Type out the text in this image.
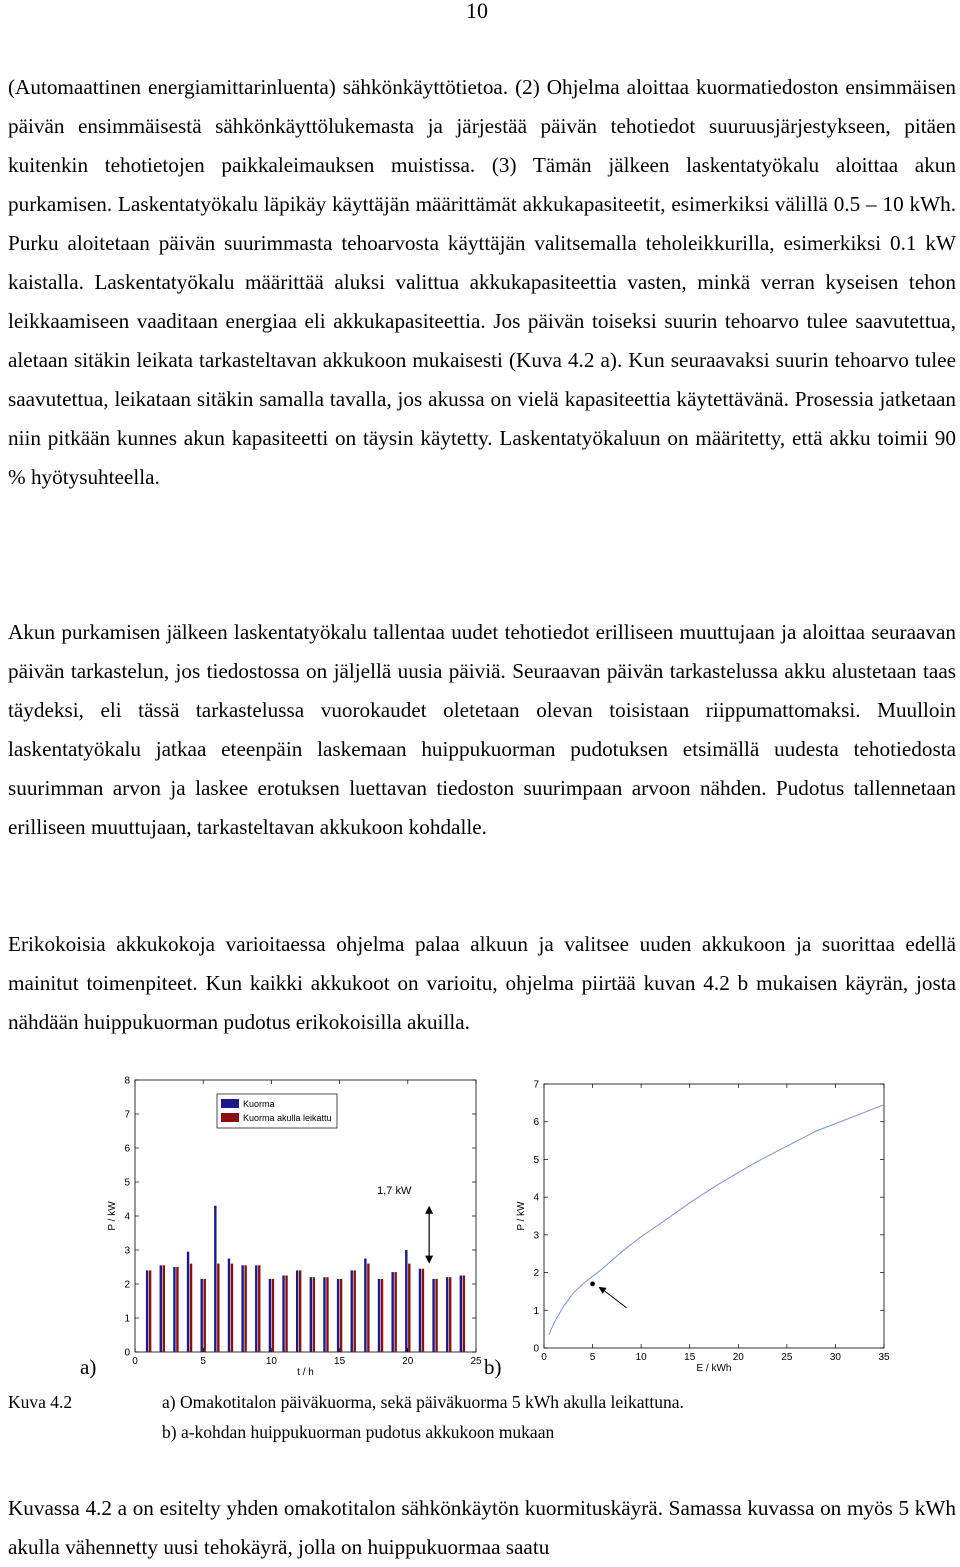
10

(Automaattinen energiamittarinluenta) sähkönkäyttötietoa. (2) Ohjelma aloittaa kuormatiedoston ensimmäisen päivän ensimmäisestä sähkönkäyttölukemasta ja järjestää päivän tehotiedot suuruusjärjestykseen, pitäen kuitenkin tehotietojen paikkaleimauksen muistissa. (3) Tämän jälkeen laskentatyökalu aloittaa akun purkamisen. Laskentatyökalu läpikäy käyttäjän määrittämät akkukapasiteetit, esimerkiksi välillä 0.5 – 10 kWh. Purku aloitetaan päivän suurimmasta tehoarvosta käyttäjän valitsemalla teholeikkurilla, esimerkiksi 0.1 kW kaistalla. Laskentatyökalu määrittää aluksi valittua akkukapasiteettia vasten, minkä verran kyseisen tehon leikkaamiseen vaaditaan energiaa eli akkukapasiteettia. Jos päivän toiseksi suurin tehoarvo tulee saavutettua, aletaan sitäkin leikata tarkasteltavan akkukoon mukaisesti (Kuva 4.2 a). Kun seuraavaksi suurin tehoarvo tulee saavutettua, leikataan sitäkin samalla tavalla, jos akussa on vielä kapasiteettia käytettävänä. Prosessia jatketaan niin pitkään kunnes akun kapasiteetti on täysin käytetty. Laskentatyökaluun on määritetty, että akku toimii 90 % hyötysuhteella.

Akun purkamisen jälkeen laskentatyökalu tallentaa uudet tehotiedot erilliseen muuttujaan ja aloittaa seuraavan päivän tarkastelun, jos tiedostossa on jäljellä uusia päiviä. Seuraavan päivän tarkastelussa akku alustetaan taas täydeksi, eli tässä tarkastelussa vuorokaudet oletetaan olevan toisistaan riippumattomaksi. Muulloin laskentatyökalu jatkaa eteenpäin laskemaan huippukuorman pudotuksen etsimällä uudesta tehotiedosta suurimman arvon ja laskee erotuksen luettavan tiedoston suurimpaan arvoon nähden. Pudotus tallennetaan erilliseen muuttujaan, tarkasteltavan akkukoon kohdalle.

Erikokoisia akkukokoja varioitaessa ohjelma palaa alkuun ja valitsee uuden akkukoon ja suorittaa edellä mainitut toimenpiteet. Kun kaikki akkukoot on varioitu, ohjelma piirtää kuvan 4.2 b mukaisen käyrän, josta nähdään huippukuorman pudotus erikokoisilla akuilla.

0
1
2
3
4
5
6
7
8
0	5	10	15	20	25
t / h
P / kW
Kuorma
Kuorma akulla leikattu
1,7 kW
0
1
2
3
4
5
6
7
0	5	10	15	20	25	30	35
E / kWh
P / kW
a)	b)
Kuva 4.2	a) Omakotitalon päiväkuorma, sekä päiväkuorma 5 kWh akulla leikattuna.
b) a-kohdan huippukuorman pudotus akkukoon mukaan

Kuvassa 4.2 a on esitelty yhden omakotitalon sähkönkäytön kuormituskäyrä. Samassa kuvassa on myös 5 kWh akulla vähennetty uusi tehokäyrä, jolla on huippukuormaa saatu
